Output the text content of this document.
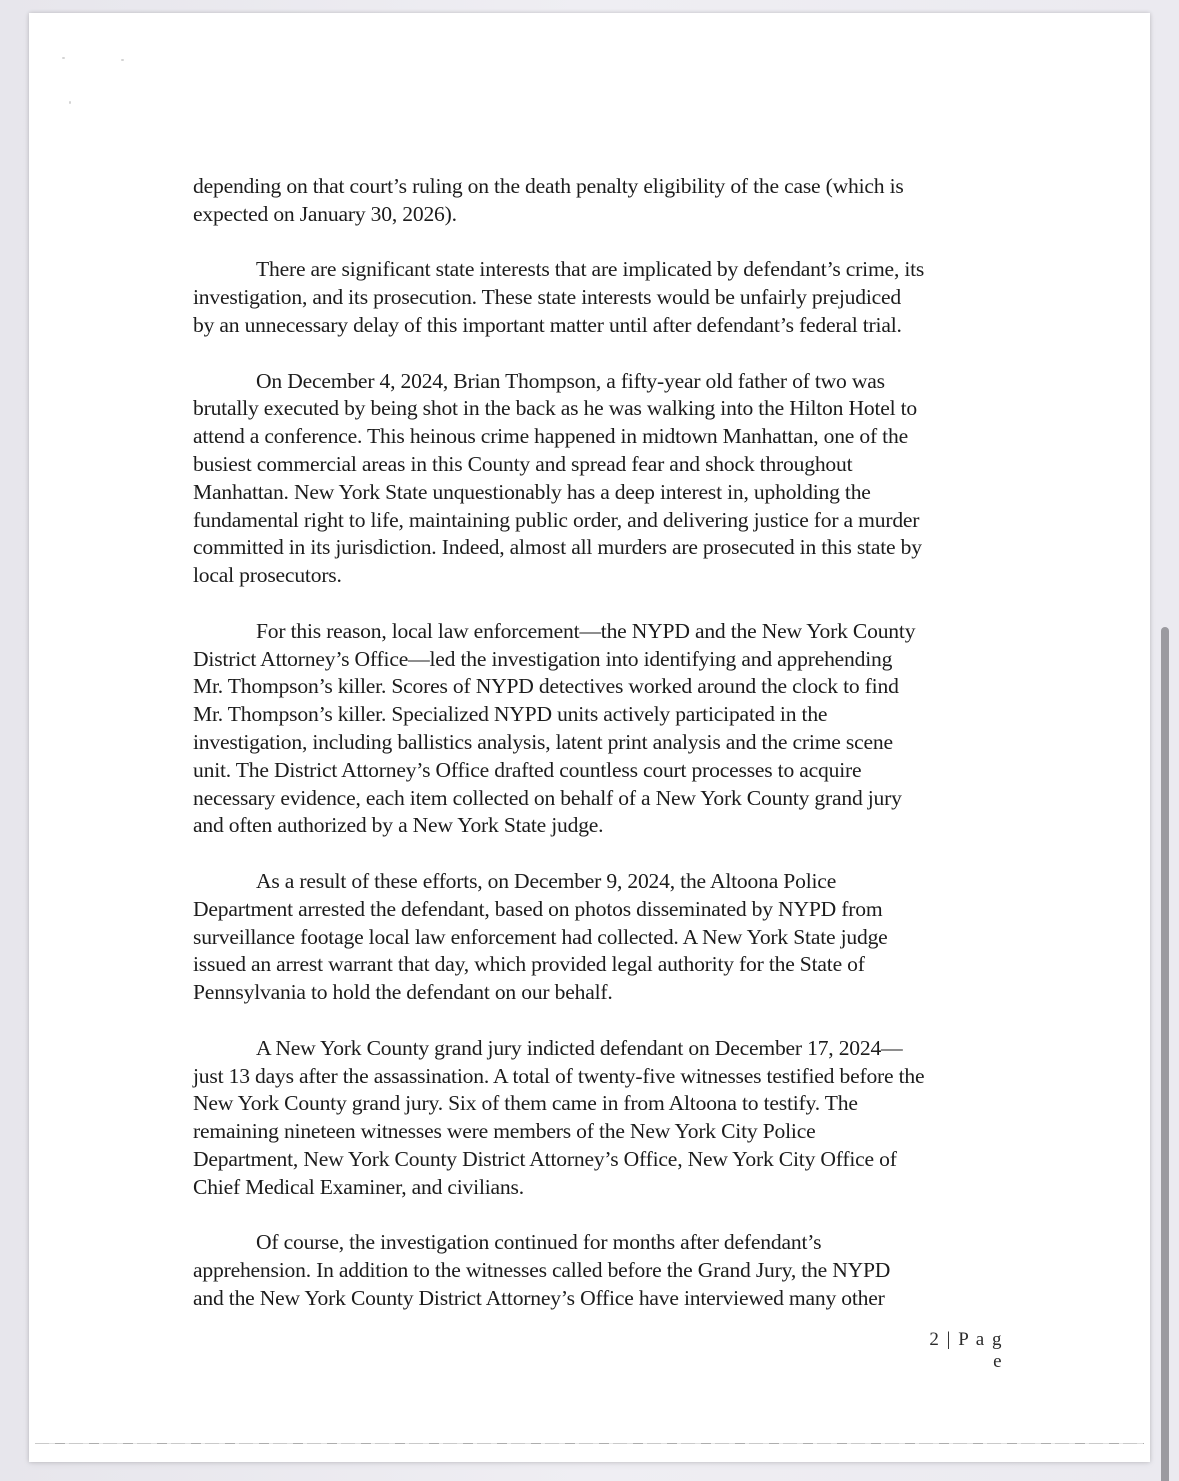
depending on that court’s ruling on the death penalty eligibility of the case (which is
expected on January 30, 2026).
There are significant state interests that are implicated by defendant’s crime, its
investigation, and its prosecution. These state interests would be unfairly prejudiced
by an unnecessary delay of this important matter until after defendant’s federal trial.
On December 4, 2024, Brian Thompson, a fifty-year old father of two was
brutally executed by being shot in the back as he was walking into the Hilton Hotel to
attend a conference. This heinous crime happened in midtown Manhattan, one of the
busiest commercial areas in this County and spread fear and shock throughout
Manhattan. New York State unquestionably has a deep interest in, upholding the
fundamental right to life, maintaining public order, and delivering justice for a murder
committed in its jurisdiction. Indeed, almost all murders are prosecuted in this state by
local prosecutors.
For this reason, local law enforcement—the NYPD and the New York County
District Attorney’s Office—led the investigation into identifying and apprehending
Mr. Thompson’s killer. Scores of NYPD detectives worked around the clock to find
Mr. Thompson’s killer. Specialized NYPD units actively participated in the
investigation, including ballistics analysis, latent print analysis and the crime scene
unit. The District Attorney’s Office drafted countless court processes to acquire
necessary evidence, each item collected on behalf of a New York County grand jury
and often authorized by a New York State judge.
As a result of these efforts, on December 9, 2024, the Altoona Police
Department arrested the defendant, based on photos disseminated by NYPD from
surveillance footage local law enforcement had collected. A New York State judge
issued an arrest warrant that day, which provided legal authority for the State of
Pennsylvania to hold the defendant on our behalf.
A New York County grand jury indicted defendant on December 17, 2024—
just 13 days after the assassination. A total of twenty-five witnesses testified before the
New York County grand jury. Six of them came in from Altoona to testify. The
remaining nineteen witnesses were members of the New York City Police
Department, New York County District Attorney’s Office, New York City Office of
Chief Medical Examiner, and civilians.
Of course, the investigation continued for months after defendant’s
apprehension. In addition to the witnesses called before the Grand Jury, the NYPD
and the New York County District Attorney’s Office have interviewed many other
2 | P a g e
